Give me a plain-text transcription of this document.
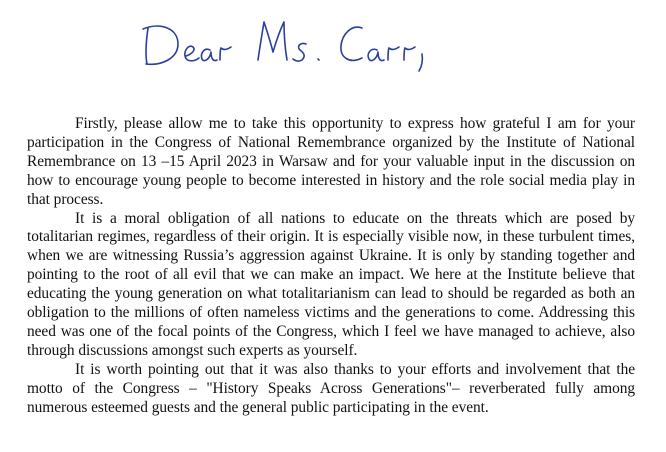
Firstly, please allow me to take this opportunity to express how grateful I am for your participation in the Congress of National Remembrance organized by the Institute of National Remembrance on 13 –15 April 2023 in Warsaw and for your valuable input in the discussion on how to encourage young people to become interested in history and the role social media play in that process.

It is a moral obligation of all nations to educate on the threats which are posed by totalitarian regimes, regardless of their origin. It is especially visible now, in these turbulent times, when we are witnessing Russia’s aggression against Ukraine. It is only by standing together and pointing to the root of all evil that we can make an impact. We here at the Institute believe that educating the young generation on what totalitarianism can lead to should be regarded as both an obligation to the millions of often nameless victims and the generations to come. Addressing this need was one of the focal points of the Congress, which I feel we have managed to achieve, also through discussions amongst such experts as yourself.

It is worth pointing out that it was also thanks to your efforts and involvement that the motto of the Congress – "History Speaks Across Generations"– reverberated fully among numerous esteemed guests and the general public participating in the event.
